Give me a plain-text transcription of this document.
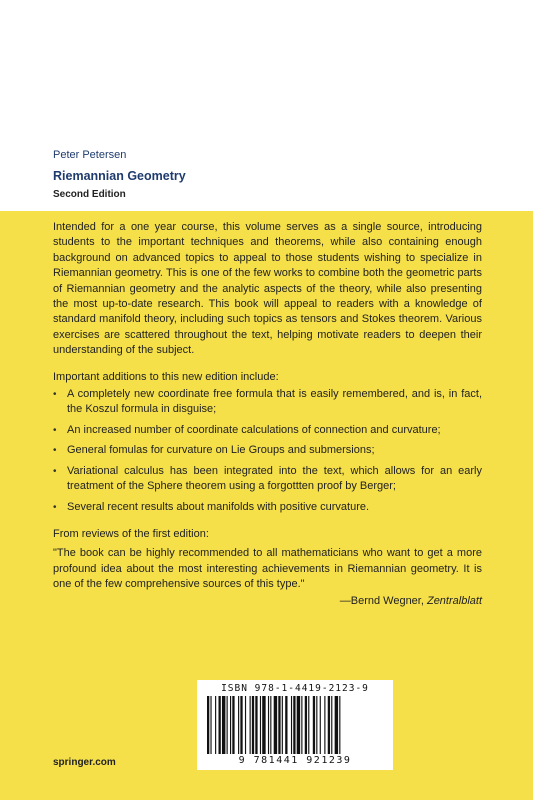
Peter Petersen
Riemannian Geometry
Second Edition

Intended for a one year course, this volume serves as a single source, introducing students to the important techniques and theorems, while also containing enough background on advanced topics to appeal to those students wishing to specialize in Riemannian geometry. This is one of the few works to combine both the geometric parts of Riemannian geometry and the analytic aspects of the theory, while also presenting the most up-to-date research. This book will appeal to readers with a knowledge of standard manifold theory, including such topics as tensors and Stokes theorem. Various exercises are scattered throughout the text, helping motivate readers to deepen their understanding of the subject.

Important additions to this new edition include:
• A completely new coordinate free formula that is easily remembered, and is, in fact, the Koszul formula in disguise;
• An increased number of coordinate calculations of connection and curvature;
• General fomulas for curvature on Lie Groups and submersions;
• Variational calculus has been integrated into the text, which allows for an early treatment of the Sphere theorem using a forgottten proof by Berger;
• Several recent results about manifolds with positive curvature.
From reviews of the first edition:
"The book can be highly recommended to all mathematicians who want to get a more profound idea about the most interesting achievements in Riemannian geometry. It is one of the few comprehensive sources of this type."
—Bernd Wegner, Zentralblatt
ISBN 978-1-4419-2123-9
9 781441 921239
springer.com
